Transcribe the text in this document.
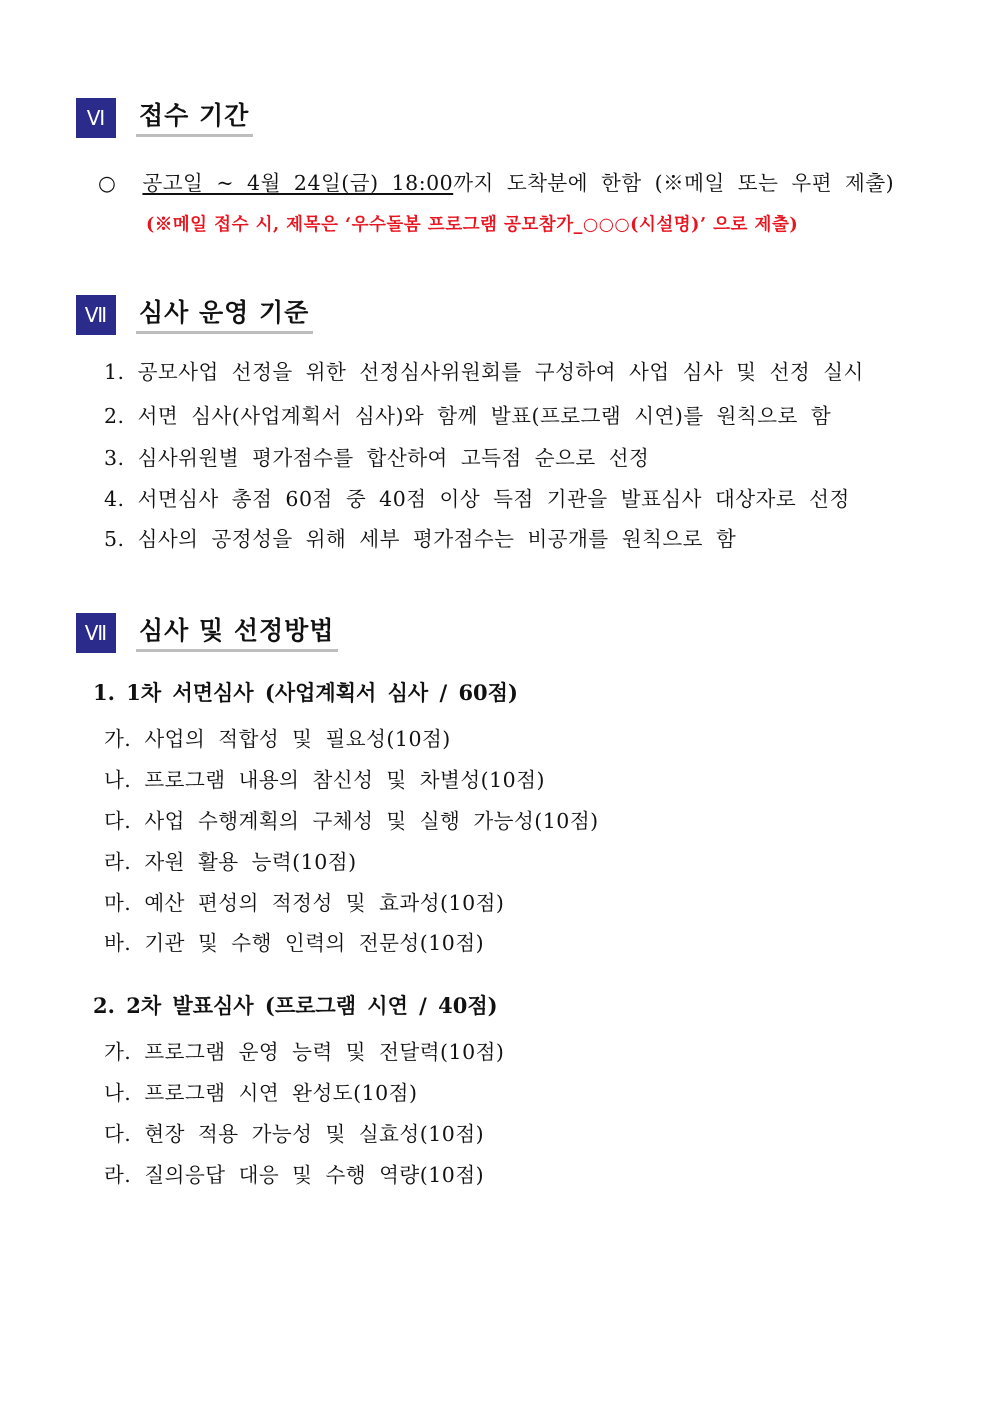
Ⅵ	접수 기간
○ 공고일 ~ 4월 24일(금) 18:00까지 도착분에 한함 (※메일 또는 우편 제출)
(※메일 접수 시, 제목은 ‘우수돌봄 프로그램 공모참가_○○○(시설명)’ 으로 제출)
Ⅶ	심사 운영 기준
1. 공모사업 선정을 위한 선정심사위원회를 구성하여 사업 심사 및 선정 실시
2. 서면 심사(사업계획서 심사)와 함께 발표(프로그램 시연)를 원칙으로 함
3. 심사위원별 평가점수를 합산하여 고득점 순으로 선정
4. 서면심사 총점 60점 중 40점 이상 득점 기관을 발표심사 대상자로 선정
5. 심사의 공정성을 위해 세부 평가점수는 비공개를 원칙으로 함
Ⅶ	심사 및 선정방법
1. 1차 서면심사 (사업계획서 심사 / 60점)
가. 사업의 적합성 및 필요성(10점)
나. 프로그램 내용의 참신성 및 차별성(10점)
다. 사업 수행계획의 구체성 및 실행 가능성(10점)
라. 자원 활용 능력(10점)
마. 예산 편성의 적정성 및 효과성(10점)
바. 기관 및 수행 인력의 전문성(10점)
2. 2차 발표심사 (프로그램 시연 / 40점)
가. 프로그램 운영 능력 및 전달력(10점)
나. 프로그램 시연 완성도(10점)
다. 현장 적용 가능성 및 실효성(10점)
라. 질의응답 대응 및 수행 역량(10점)
